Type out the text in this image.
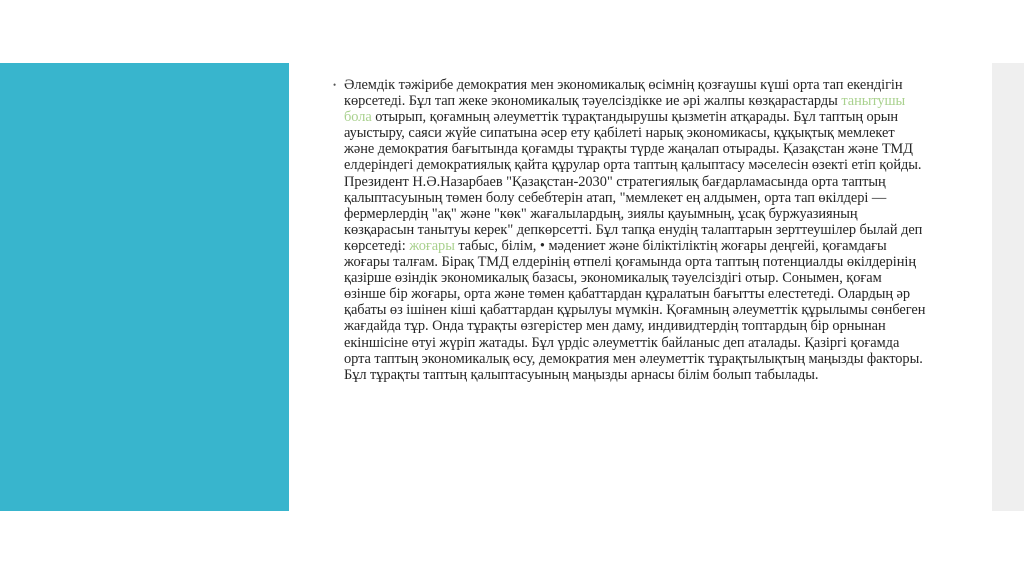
• Әлемдік тәжірибе демократия мен экономикалық өсімнің қозғаушы күші орта тап екендігін көрсетеді. Бұл тап жеке экономикалық тәуелсіздікке ие әрі жалпы көзқарастарды танытушы бола отырып, қоғамның әлеуметтік тұрақтандырушы қызметін атқарады. Бұл таптың орын ауыстыру, саяси жүйе сипатына әсер ету қабілеті нарық экономикасы, құқықтық мемлекет және демократия бағытында қоғамды тұрақты түрде жаңалап отырады. Қазақстан және ТМД елдеріндегі демократиялық қайта құрулар орта таптың қалыптасу мәселесін өзекті етіп қойды. Президент Н.Ә.Назарбаев "Қазақстан-2030" стратегиялық бағдарламасында орта таптың қалыптасуының төмен болу себебтерін атап, "мемлекет ең алдымен, орта тап өкілдері — фермерлердің "ақ" және "көк" жағалылардың, зиялы қауымның, ұсақ буржуазияның көзқарасын танытуы керек" депкөрсетті. Бұл тапқа енудің талаптарын зерттеушілер былай деп көрсетеді: жоғары табыс, білім, • мәдениет және біліктіліктің жоғары деңгейі, қоғамдағы жоғары талғам. Бірақ ТМД елдерінің өтпелі қоғамында орта таптың потенциалды өкілдерінің қазірше өзіндік экономикалық базасы, экономикалық тәуелсіздігі отыр. Сонымен, қоғам өзінше бір жоғары, орта және төмен қабаттардан құралатын бағытты елестетеді. Олардың әр қабаты өз ішінен кіші қабаттардан құрылуы мүмкін. Қоғамның әлеуметтік құрылымы сөнбеген жағдайда тұр. Онда тұрақты өзгерістер мен даму, индивидтердің топтардың бір орнынан екіншісіне өтуі жүріп жатады. Бұл үрдіс әлеуметтік байланыс деп аталады. Қазіргі қоғамда орта таптың экономикалық өсу, демократия мен әлеуметтік тұрақтылықтың маңызды факторы. Бұл тұрақты таптың қалыптасуының маңызды арнасы білім болып табылады.
